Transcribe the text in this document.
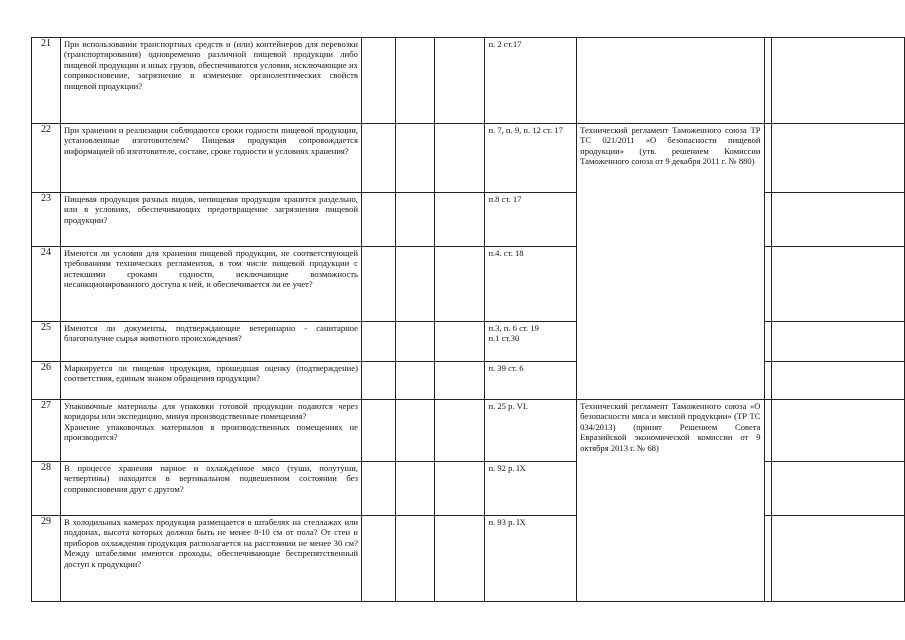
21	При использовании транспортных средств и (или) контейнеров для перевозки (транспортирования) одновременно различной пищевой продукции либо пищевой продукции и иных грузов, обеспечиваются условия, исключающие их соприкосновение, загрязнение и изменение органолептических свойств пищевой продукции?				п. 2 ст.17			
22	При хранении и реализации соблюдаются сроки годности пищевой продукции, установленные изготовителем? Пищевая продукция сопровождается информацией об изготовителе, составе, сроке годности и условиях хранения?				п. 7, п. 9, п. 12 ст. 17	Технический регламент Таможенного союза ТР ТС 021/2011 «О безопасности пищевой продукции» (утв. решением Комиссии Таможенного союза от 9 декабря 2011 г. № 880)		
23	Пищевая продукция разных видов, непищевая продукция хранятся раздельно, или в условиях, обеспечивающих предотвращение загрязнения пищевой продукции?				п.8 ст. 17			
24	Имеются ли условия для хранения пищевой продукции, не соответствующей требованиям технических регламентов, в том числе пищевой продукции с истекшими сроками годности, исключающие возможность несанкционированного доступа к ней, и обеспечивается ли ее учет?				п.4. ст. 18			
25	Имеются ли документы, подтверждающие ветеринарно - санитарное благополучие сырья животного происхождения?				п.3, п. 6 ст. 19
п.1 ст.30			
26	Маркируется ли пищевая продукция, прошедшая оценку (подтверждение) соответствия, единым знаком обращения продукции?				п. 39 ст. 6			
27	Упаковочные материалы для упаковки готовой продукции подаются через коридоры или экспедицию, минуя производственные помещения?
Хранение упаковочных материалов в производственных помещениях не производится?				п. 25 р. VI.	Технический регламент Таможенного союза «О безопасности мяса и мясной продукции» (ТР ТС 034/2013) (принят Решением Совета Евразийской экономической комиссии от 9 октября 2013 г. № 68)		
28	В процессе хранения парное и охлажденное мясо (туши, полутуши, четвертины) находится в вертикальном подвешенном состоянии без соприкосновения друг с другом?				п. 92 р. IX			
29	В холодильных камерах продукция размещается в штабелях на стеллажах или поддонах, высота которых должна быть не менее 8-10 см от пола? От стен и приборов охлаждения продукция располагается на расстоянии не менее 30 см? Между штабелями имеются проходы, обеспечивающие беспрепятственный доступ к продукции?				п. 93 р. IX			
